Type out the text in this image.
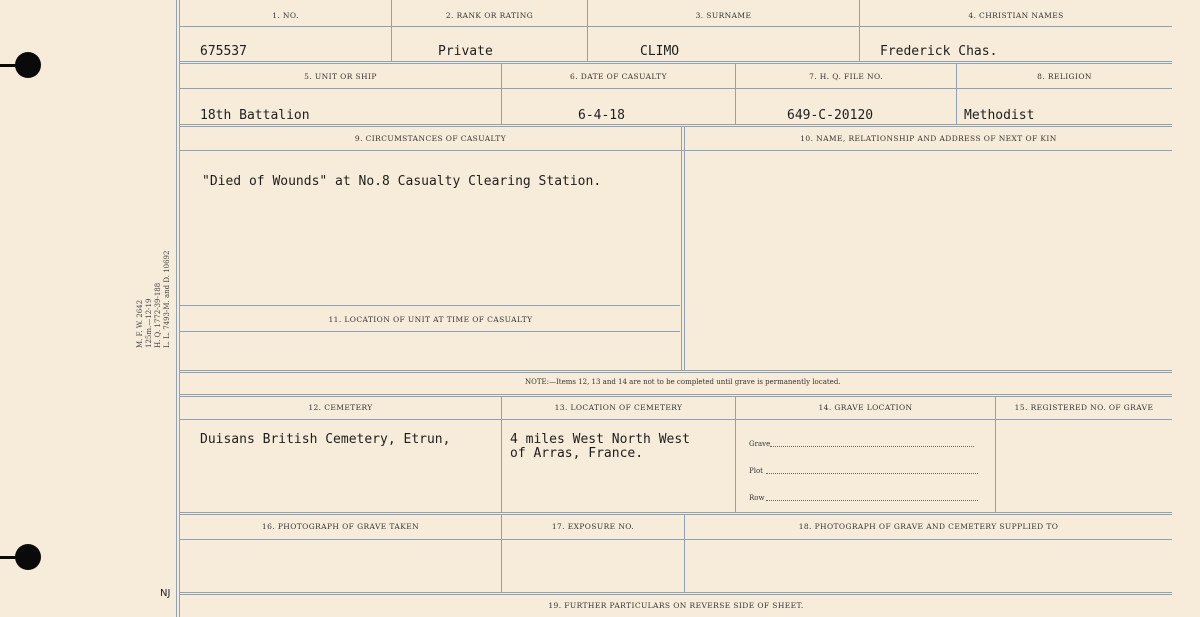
M. F. W. 2642 125m.—12-19 H. Q. 1772-39-188 L. L. 7493-M. and D. 10692
NJ
1. NO.
675537
2. RANK OR RATING
Private
3. SURNAME
CLIMO
4. CHRISTIAN NAMES
Frederick Chas.
5. UNIT OR SHIP
18th Battalion
6. DATE OF CASUALTY
6-4-18
7. H. Q. FILE NO.
649-C-20120
8. RELIGION
Methodist
9. CIRCUMSTANCES OF CASUALTY
"Died of Wounds" at No.8 Casualty Clearing Station.
10. NAME, RELATIONSHIP AND ADDRESS OF NEXT OF KIN
11. LOCATION OF UNIT AT TIME OF CASUALTY
NOTE:—Items 12, 13 and 14 are not to be completed until grave is permanently located.
12. CEMETERY
Duisans British Cemetery, Etrun,
13. LOCATION OF CEMETERY
4 miles West North West
of Arras, France.
14. GRAVE LOCATION
Grave
Plot
Row
15. REGISTERED NO. OF GRAVE
16. PHOTOGRAPH OF GRAVE TAKEN	17. EXPOSURE NO.	18. PHOTOGRAPH OF GRAVE AND CEMETERY SUPPLIED TO
19. FURTHER PARTICULARS ON REVERSE SIDE OF SHEET.
